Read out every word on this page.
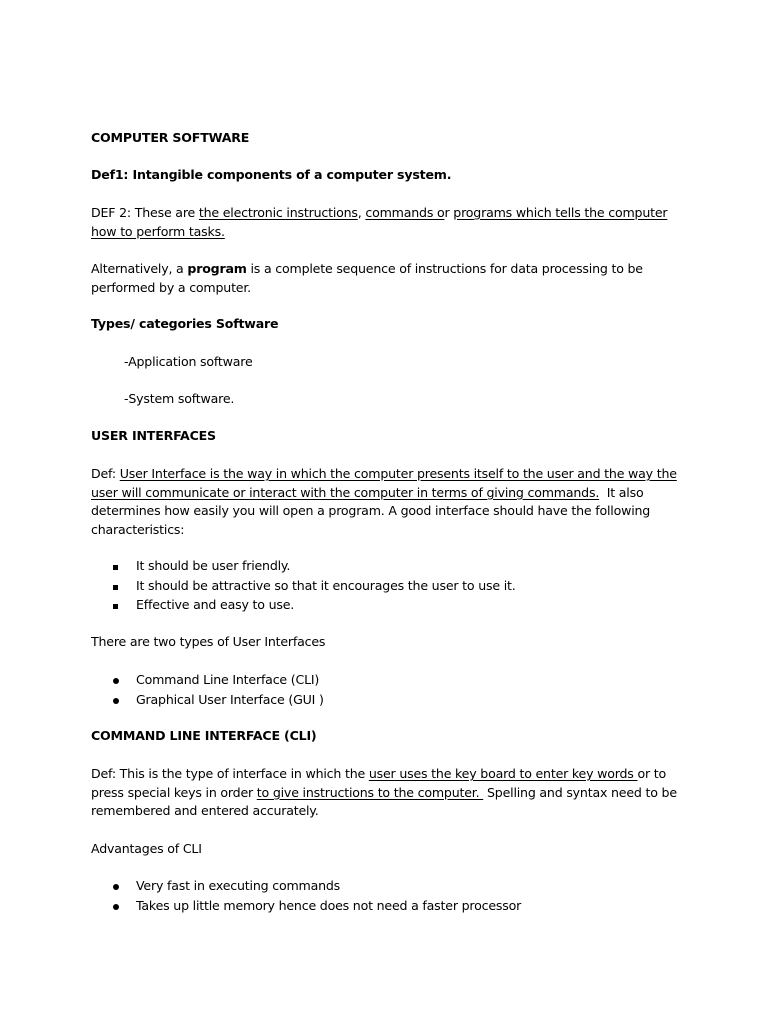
COMPUTER SOFTWARE
Def1: Intangible components of a computer system.
DEF 2: These are the electronic instructions, commands or programs which tells the computer
how to perform tasks.
Alternatively, a program is a complete sequence of instructions for data processing to be
performed by a computer.
Types/ categories Software
-Application software
-System software.
USER INTERFACES
Def: User Interface is the way in which the computer presents itself to the user and the way the
user will communicate or interact with the computer in terms of giving commands.  It also
determines how easily you will open a program. A good interface should have the following
characteristics:
It should be user friendly.
It should be attractive so that it encourages the user to use it.
Effective and easy to use.
There are two types of User Interfaces
Command Line Interface (CLI)
Graphical User Interface (GUI )
COMMAND LINE INTERFACE (CLI)
Def: This is the type of interface in which the user uses the key board to enter key words or to
press special keys in order to give instructions to the computer.  Spelling and syntax need to be
remembered and entered accurately.
Advantages of CLI
Very fast in executing commands
Takes up little memory hence does not need a faster processor
